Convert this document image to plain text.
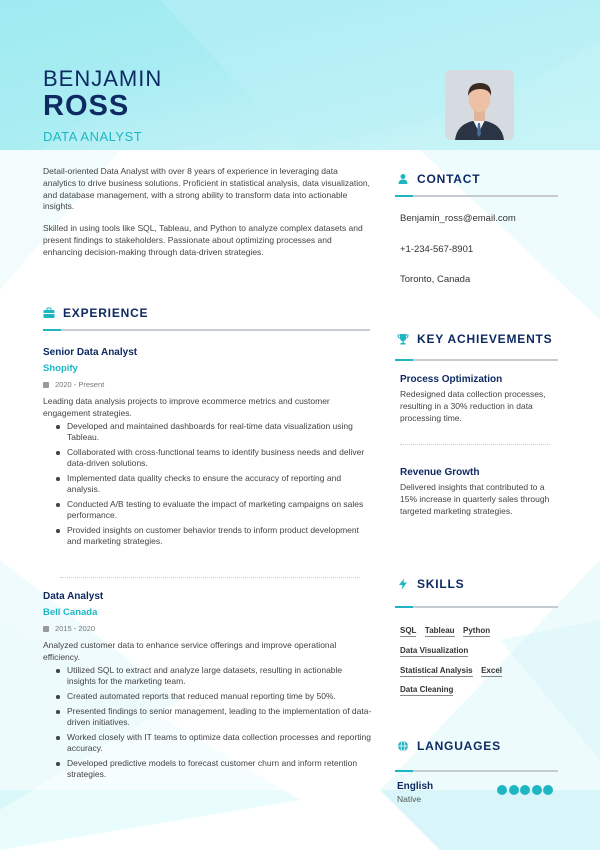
BENJAMIN
ROSS
DATA ANALYST

Detail-oriented Data Analyst with over 8 years of experience in leveraging data analytics to drive business solutions. Proficient in statistical analysis, data visualization, and database management, with a strong ability to transform data into actionable insights.

Skilled in using tools like SQL, Tableau, and Python to analyze complex datasets and present findings to stakeholders. Passionate about optimizing processes and enhancing decision-making through data-driven strategies.

EXPERIENCE
Senior Data Analyst
Shopify
2020 - Present
Leading data analysis projects to improve ecommerce metrics and customer engagement strategies.
Developed and maintained dashboards for real-time data visualization using Tableau.
Collaborated with cross-functional teams to identify business needs and deliver data-driven solutions.
Implemented data quality checks to ensure the accuracy of reporting and analysis.
Conducted A/B testing to evaluate the impact of marketing campaigns on sales performance.
Provided insights on customer behavior trends to inform product development and marketing strategies.
Data Analyst
Bell Canada
2015 - 2020
Analyzed customer data to enhance service offerings and improve operational efficiency.
Utilized SQL to extract and analyze large datasets, resulting in actionable insights for the marketing team.
Created automated reports that reduced manual reporting time by 50%.
Presented findings to senior management, leading to the implementation of data-driven initiatives.
Worked closely with IT teams to optimize data collection processes and reporting accuracy.
Developed predictive models to forecast customer churn and inform retention strategies.
CONTACT
Benjamin_ross@email.com
+1-234-567-8901
Toronto, Canada
KEY ACHIEVEMENTS
Process Optimization
Redesigned data collection processes, resulting in a 30% reduction in data processing time.
Revenue Growth
Delivered insights that contributed to a 15% increase in quarterly sales through targeted marketing strategies.
SKILLS
SQL Tableau Python
Data Visualization
Statistical Analysis Excel
Data Cleaning
LANGUAGES
English
Native
